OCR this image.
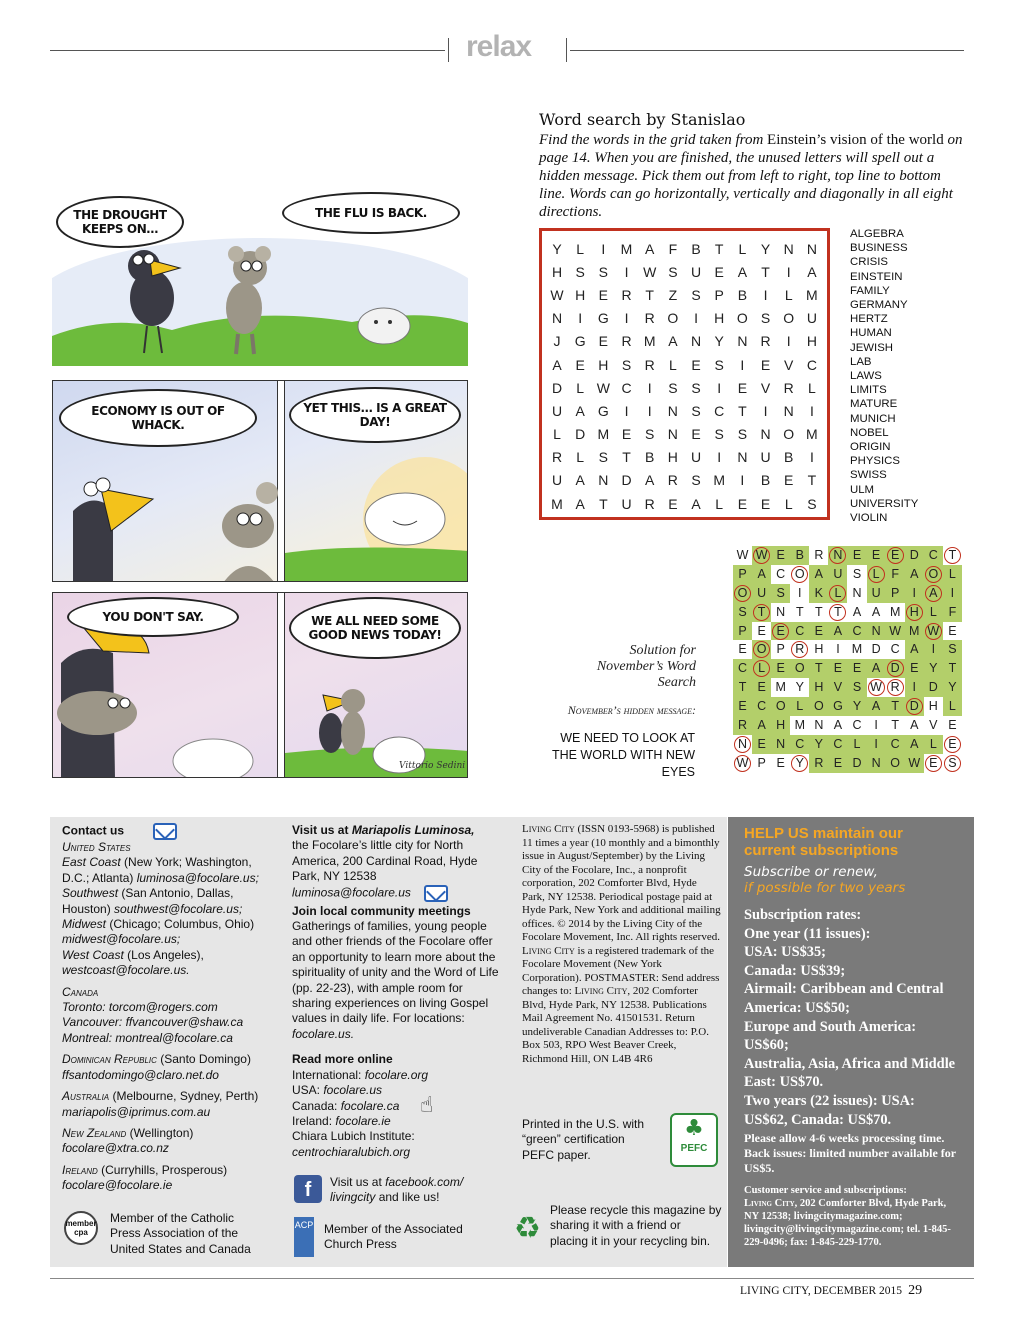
relax
THE DROUGHT KEEPS ON…
THE FLU IS BACK.
ECONOMY IS OUT OF WHACK.
YET THIS… IS A GREAT DAY!
YOU DON'T SAY.	WE ALL NEED SOME GOOD NEWS TODAY!
Vittorio Sedini
Word search by Stanislao
Find the words in the grid taken from Einstein’s vision of the world on page 14. When you are finished, the unused letters will spell out a hidden message. Pick them out from left to right, top line to bottom line. Words can go horizontally, vertically and diagonally in all eight directions.
Y	L	I	M A	F	B	T	L	Y N N
H S S	I	W S U E A	T	I	A
W H E R T	Z	S P B	I	L M
N	I	G	I	R O	I	H O S O U
J	G E R M A N Y N R	I	H
A E H S R	L	E S	I	E V C
D	L W C	I	S S	I	E V R	L
U A G	I	I	N S C T	I	N	I
L	D M E S N E S S N O M
R	L	S	T	B H U	I	N U B	I
U A N D A R S M	I	B E	T
M A	T U R E A	L	E E	L	S
ALGEBRA
BUSINESS
CRISIS
EINSTEIN
FAMILY
GERMANY
HERTZ
HUMAN
JEWISH
LAB
LAWS
LIMITS
MATURE
MUNICH
NOBEL
ORIGIN
PHYSICS
SWISS
ULM
UNIVERSITY
VIOLIN
Solution for November’s Word Search
November’s hidden message:
WE NEED TO LOOK AT THE WORLD WITH NEW EYES
W W E B R N E E E D C T
P A C O A U S L F A O L
O U S	I	K L N U P	I	A	I
S T N T T T A A M H L F
P E E C E A C N W M W E
E O P R H	I M D C A	I	S
C L E O T E E A D E Y T
T E M Y H V S W R	I	D Y
E C O L O G Y A T D H L
R A H M N A C	I	T A V E
N E N C Y C L	I	C A L E
W P E Y R E D N O W E S

Contact us

United States
East Coast (New York; Washington, D.C.; Atlanta) luminosa@focolare.us;
Southwest (San Antonio, Dallas, Houston) southwest@focolare.us;
Midwest (Chicago; Columbus, Ohio)
midwest@focolare.us;
West Coast (Los Angeles),
westcoast@focolare.us.

Canada
Toronto: torcom@rogers.com
Vancouver: ffvancouver@shaw.ca
Montreal: montreal@focolare.ca

Dominican Republic (Santo Domingo)
ffsantodomingo@claro.net.do

Australia (Melbourne, Sydney, Perth)
mariapolis@iprimus.com.au

New Zealand (Wellington)
focolare@xtra.co.nz

Ireland (Curryhills, Prosperous)
focolare@focolare.ie

member cpa
Member of the Catholic Press Association of the United States and Canada

Visit us at Mariapolis Luminosa,

the Focolare’s little city for North America, 200 Cardinal Road, Hyde Park, NY 12538
luminosa@focolare.us

Join local community meetings
Gatherings of families, young people and other friends of the Focolare offer an opportunity to learn more about the spirituality of unity and the Word of Life (pp. 22-23), with ample room for sharing experiences on living Gospel values in daily life. For locations: focolare.us.

Read more online
International: focolare.org
USA: focolare.us
Canada: focolare.ca
Ireland: focolare.ie
Chiara Lubich Institute:
centrochiaralubich.org

☝
f	Visit us at facebook.com/ livingcity and like us!
ACP Member of the Associated Church Press

Living City (ISSN 0193-5968) is published 11 times a year (10 monthly and a bimonthly issue in August/September) by the Living City of the Focolare, Inc., a nonprofit corporation, 202 Comforter Blvd, Hyde Park, NY 12538. Periodical postage paid at Hyde Park, New York and additional mailing offices. © 2014 by the Living City of the Focolare Movement, Inc. All rights reserved. Living City is a registered trademark of the Focolare Movement (New York Corporation). POSTMASTER: Send address changes to: Living City, 202 Comforter Blvd, Hyde Park, NY 12538. Publications Mail Agreement No. 41501531. Return undeliverable Canadian Addresses to: P.O. Box 503, RPO West Beaver Creek, Richmond Hill, ON L4B 4R6

Printed in the U.S. with “green” certification PEFC paper.
♣
PEFC
♻
Please recycle this magazine by sharing it with a friend or placing it in your recycling bin.
HELP US maintain our current subscriptions
Subscribe or renew,
if possible for two years
Subscription rates:
One year (11 issues):
USA: US$35;
Canada: US$39;
Airmail: Caribbean and Central America: US$50;
Europe and South America: US$60;
Australia, Asia, Africa and Middle East: US$70.
Two years (22 issues): USA: US$62, Canada: US$70.
Please allow 4-6 weeks processing time. Back issues: limited number available for US$5.
Customer service and subscriptions:
Living City, 202 Comforter Blvd, Hyde Park, NY 12538; livingcitymagazine.com; livingcity@livingcitymagazine.com; tel. 1-845-229-0496; fax: 1-845-229-1770.
LIVING CITY, DECEMBER 2015 29
